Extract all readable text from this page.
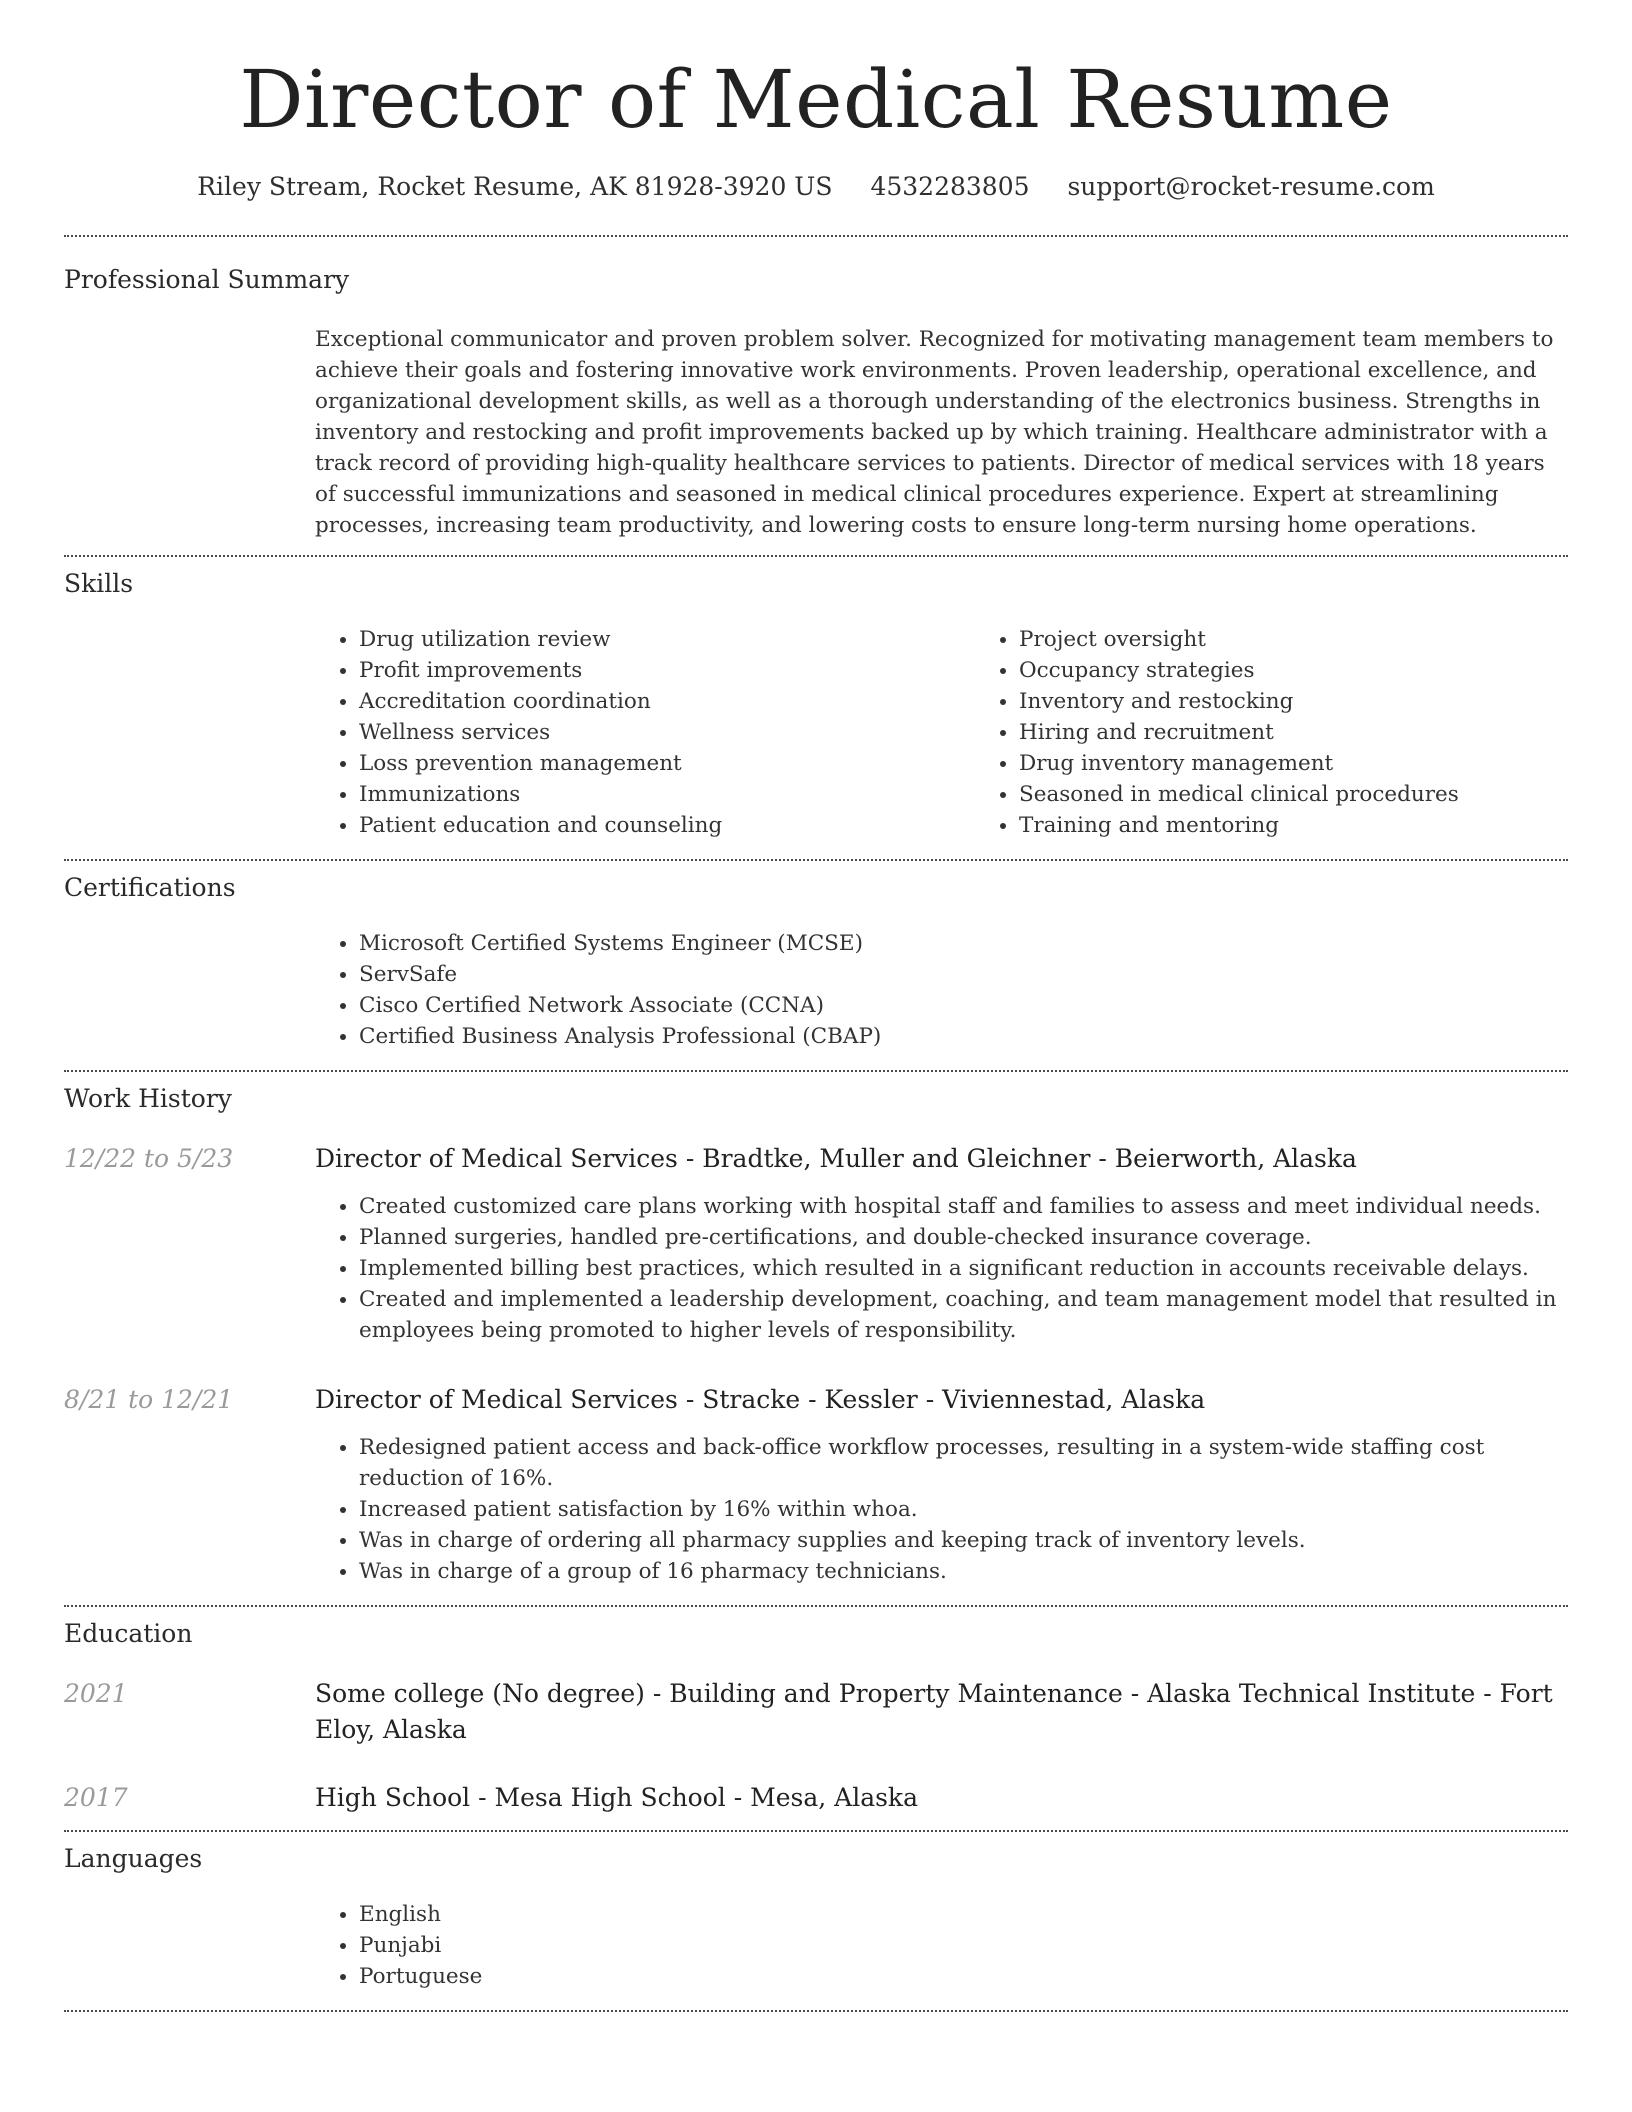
Director of Medical Resume
Riley Stream, Rocket Resume, AK 81928-3920 US 4532283805 support@rocket-resume.com
Professional Summary
Exceptional communicator and proven problem solver. Recognized for motivating management team members to achieve their goals and fostering innovative work environments. Proven leadership, operational excellence, and organizational development skills, as well as a thorough understanding of the electronics business. Strengths in inventory and restocking and profit improvements backed up by which training. Healthcare administrator with a track record of providing high-quality healthcare services to patients. Director of medical services with 18 years of successful immunizations and seasoned in medical clinical procedures experience. Expert at streamlining processes, increasing team productivity, and lowering costs to ensure long-term nursing home operations.
Skills
• Drug utilization review
• Profit improvements
• Accreditation coordination
• Wellness services
• Loss prevention management
• Immunizations
• Patient education and counseling
• Project oversight
• Occupancy strategies
• Inventory and restocking
• Hiring and recruitment
• Drug inventory management
• Seasoned in medical clinical procedures
• Training and mentoring
Certifications
• Microsoft Certified Systems Engineer (MCSE)
• ServSafe
• Cisco Certified Network Associate (CCNA)
• Certified Business Analysis Professional (CBAP)
Work History
12/22 to 5/23	Director of Medical Services - Bradtke, Muller and Gleichner - Beierworth, Alaska
• Created customized care plans working with hospital staff and families to assess and meet individual needs.
• Planned surgeries, handled pre-certifications, and double-checked insurance coverage.
• Implemented billing best practices, which resulted in a significant reduction in accounts receivable delays.
• Created and implemented a leadership development, coaching, and team management model that resulted in employees being promoted to higher levels of responsibility.
8/21 to 12/21	Director of Medical Services - Stracke - Kessler - Viviennestad, Alaska
• Redesigned patient access and back-office workflow processes, resulting in a system-wide staffing cost reduction of 16%.
• Increased patient satisfaction by 16% within whoa.
• Was in charge of ordering all pharmacy supplies and keeping track of inventory levels.
• Was in charge of a group of 16 pharmacy technicians.
Education
2021	Some college (No degree) - Building and Property Maintenance - Alaska Technical Institute - Fort Eloy, Alaska
2017	High School - Mesa High School - Mesa, Alaska
Languages
• English
• Punjabi
• Portuguese
